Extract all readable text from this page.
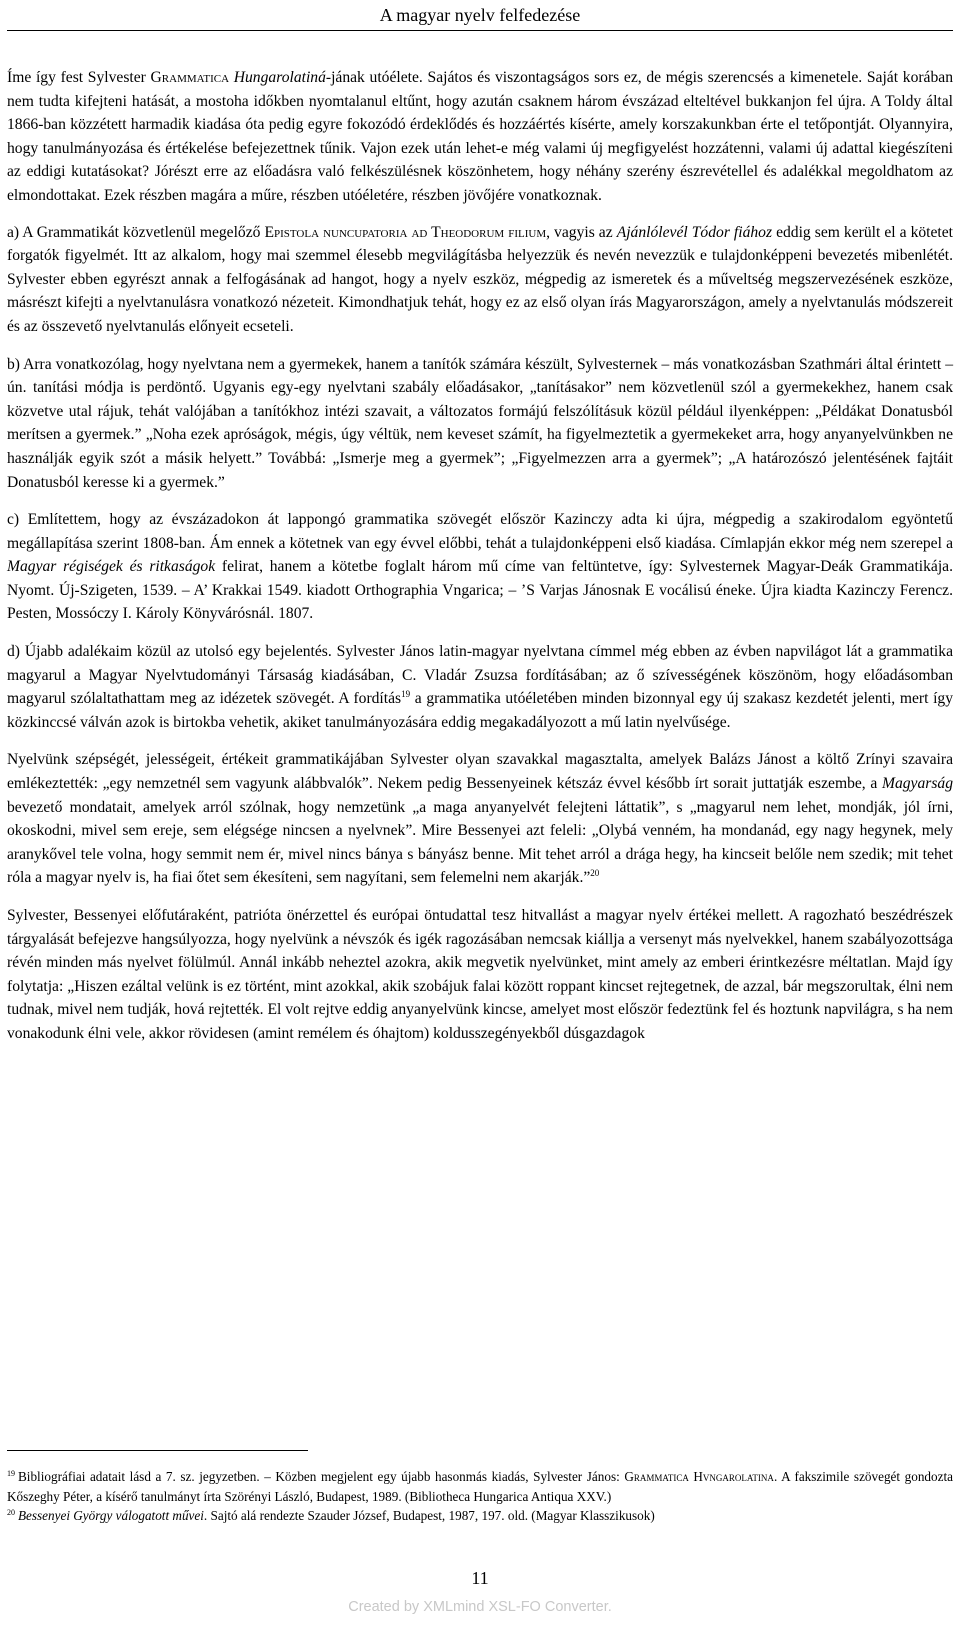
A magyar nyelv felfedezése

Íme így fest Sylvester Grammatica Hungarolatiná-jának utóélete. Sajátos és viszontagságos sors ez, de mégis szerencsés a kimenetele. Saját korában nem tudta kifejteni hatását, a mostoha időkben nyomtalanul eltűnt, hogy azután csaknem három évszázad elteltével bukkanjon fel újra. A Toldy által 1866-ban közzétett harmadik kiadása óta pedig egyre fokozódó érdeklődés és hozzáértés kísérte, amely korszakunkban érte el tetőpontját. Olyannyira, hogy tanulmányozása és értékelése befejezettnek tűnik. Vajon ezek után lehet-e még valami új megfigyelést hozzátenni, valami új adattal kiegészíteni az eddigi kutatásokat? Jórészt erre az előadásra való felkészülésnek köszönhetem, hogy néhány szerény észrevétellel és adalékkal megoldhatom az elmondottakat. Ezek részben magára a műre, részben utóéletére, részben jövőjére vonatkoznak.

a) A Grammatikát közvetlenül megelőző Epistola nuncupatoria ad Theodorum filium, vagyis az Ajánlólevél Tódor fiához eddig sem került el a kötetet forgatók figyelmét. Itt az alkalom, hogy mai szemmel élesebb megvilágításba helyezzük és nevén nevezzük e tulajdonképpeni bevezetés mibenlétét. Sylvester ebben egyrészt annak a felfogásának ad hangot, hogy a nyelv eszköz, mégpedig az ismeretek és a műveltség megszervezésének eszköze, másrészt kifejti a nyelvtanulásra vonatkozó nézeteit. Kimondhatjuk tehát, hogy ez az első olyan írás Magyarországon, amely a nyelvtanulás módszereit és az összevető nyelvtanulás előnyeit ecseteli.

b) Arra vonatkozólag, hogy nyelvtana nem a gyermekek, hanem a tanítók számára készült, Sylvesternek – más vonatkozásban Szathmári által érintett – ún. tanítási módja is perdöntő. Ugyanis egy-egy nyelvtani szabály előadásakor, „tanításakor” nem közvetlenül szól a gyermekekhez, hanem csak közvetve utal rájuk, tehát valójában a tanítókhoz intézi szavait, a változatos formájú felszólításuk közül például ilyenképpen: „Példákat Donatusból merítsen a gyermek.” „Noha ezek apróságok, mégis, úgy véltük, nem keveset számít, ha figyelmeztetik a gyermekeket arra, hogy anyanyelvünkben ne használják egyik szót a másik helyett.” Továbbá: „Ismerje meg a gyermek”; „Figyelmezzen arra a gyermek”; „A határozószó jelentésének fajtáit Donatusból keresse ki a gyermek.”

c) Említettem, hogy az évszázadokon át lappongó grammatika szövegét először Kazinczy adta ki újra, mégpedig a szakirodalom egyöntetű megállapítása szerint 1808-ban. Ám ennek a kötetnek van egy évvel előbbi, tehát a tulajdonképpeni első kiadása. Címlapján ekkor még nem szerepel a Magyar régiségek és ritkaságok felirat, hanem a kötetbe foglalt három mű címe van feltüntetve, így: Sylvesternek Magyar-Deák Grammatikája. Nyomt. Új-Szigeten, 1539. – A’ Krakkai 1549. kiadott Orthographia Vngarica; – ’S Varjas Jánosnak E vocálisú éneke. Újra kiadta Kazinczy Ferencz. Pesten, Mossóczy I. Károly Könyvárósnál. 1807.

d) Újabb adalékaim közül az utolsó egy bejelentés. Sylvester János latin-magyar nyelvtana címmel még ebben az évben napvilágot lát a grammatika magyarul a Magyar Nyelvtudományi Társaság kiadásában, C. Vladár Zsuzsa fordításában; az ő szívességének köszönöm, hogy előadásomban magyarul szólaltathattam meg az idézetek szövegét. A fordítás$^{19}$ a grammatika utóéletében minden bizonnyal egy új szakasz kezdetét jelenti, mert így közkinccsé válván azok is birtokba vehetik, akiket tanulmányozására eddig megakadályozott a mű latin nyelvűsége.

Nyelvünk szépségét, jelességeit, értékeit grammatikájában Sylvester olyan szavakkal magasztalta, amelyek Balázs Jánost a költő Zrínyi szavaira emlékeztették: „egy nemzetnél sem vagyunk alábbvalók”. Nekem pedig Bessenyeinek kétszáz évvel később írt sorait juttatják eszembe, a Magyarság bevezető mondatait, amelyek arról szólnak, hogy nemzetünk „a maga anyanyelvét felejteni láttatik”, s „magyarul nem lehet, mondják, jól írni, okoskodni, mivel sem ereje, sem elégsége nincsen a nyelvnek”. Mire Bessenyei azt feleli: „Olybá venném, ha mondanád, egy nagy hegynek, mely aranykővel tele volna, hogy semmit nem ér, mivel nincs bánya s bányász benne. Mit tehet arról a drága hegy, ha kincseit belőle nem szedik; mit tehet róla a magyar nyelv is, ha fiai őtet sem ékesíteni, sem nagyítani, sem felemelni nem akarják.”$^{20}$

Sylvester, Bessenyei előfutáraként, patrióta önérzettel és európai öntudattal tesz hitvallást a magyar nyelv értékei mellett. A ragozható beszédrészek tárgyalását befejezve hangsúlyozza, hogy nyelvünk a névszók és igék ragozásában nemcsak kiállja a versenyt más nyelvekkel, hanem szabályozottsága révén minden más nyelvet fölülmúl. Annál inkább neheztel azokra, akik megvetik nyelvünket, mint amely az emberi érintkezésre méltatlan. Majd így folytatja: „Hiszen ezáltal velünk is ez történt, mint azokkal, akik szobájuk falai között roppant kincset rejtegetnek, de azzal, bár megszorultak, élni nem tudnak, mivel nem tudják, hová rejtették. El volt rejtve eddig anyanyelvünk kincse, amelyet most először fedeztünk fel és hoztunk napvilágra, s ha nem vonakodunk élni vele, akkor rövidesen (amint remélem és óhajtom) koldusszegényekből dúsgazdagok

$^{19}$ Bibliográfiai adatait lásd a 7. sz. jegyzetben. – Közben megjelent egy újabb hasonmás kiadás, Sylvester János: Grammatica Hvngarolatina. A fakszimile szövegét gondozta Kőszeghy Péter, a kísérő tanulmányt írta Szörényi László, Budapest, 1989. (Bibliotheca Hungarica Antiqua XXV.)

$^{20}$ Bessenyei György válogatott művei. Sajtó alá rendezte Szauder József, Budapest, 1987, 197. old. (Magyar Klasszikusok)

11
Created by XMLmind XSL-FO Converter.
